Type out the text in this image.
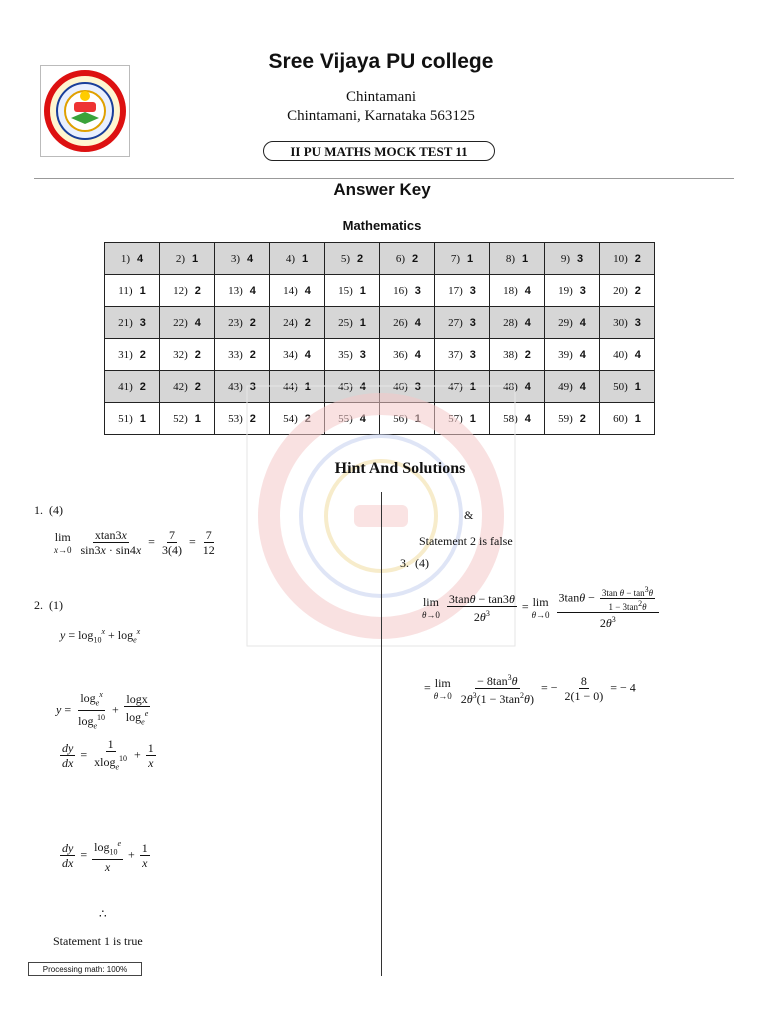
Sree Vijaya PU college
Chintamani
Chintamani, Karnataka 563125
II PU MATHS MOCK TEST 11
Answer Key
Mathematics
1) 4	2) 1	3) 4	4) 1	5) 2	6) 2	7) 1	8) 1	9) 3	10) 2
11) 1	12) 2	13) 4	14) 4	15) 1	16) 3	17) 3	18) 4	19) 3	20) 2
21) 3	22) 4	23) 2	24) 2	25) 1	26) 4	27) 3	28) 4	29) 4	30) 3
31) 2	32) 2	33) 2	34) 4	35) 3	36) 4	37) 3	38) 2	39) 4	40) 4
41) 2	42) 2	43) 3	44) 1	45) 4	46) 3	47) 1	48) 4	49) 4	50) 1
51) 1	52) 1	53) 2	54) 2	55) 4	56) 1	57) 1	58) 4	59) 2	60) 1
Hint And Solutions
1. (4)
lim
x→0
$\frac{xtan3x}{\sin 3x \cdot \sin 4x} = \frac{7}{3(4)} = \frac{7}{12}$
2. (1)
$y = \log_{10}^x + \log_e^x$
$y = \frac{\log_e^x}{\log_e^{10}} + \frac{\log x}{\log_e^e}$
$\frac{dy}{dx} = \frac{1}{xlog_e^{10}} + \frac{1}{x}$
$\frac{dy}{dx} = \frac{\log_{10}^e}{x} + \frac{1}{x}$
∴
Statement 1 is true
&
Statement 2 is false
3. (4)
lim
θ→0
$\frac{3\tan\theta - \tan 3\theta}{2\theta^3} = \lim$
θ→0
$\frac{3\tan\theta - \frac{3\tan \theta - \tan^3\theta}{1 - 3\tan^2\theta}}{2\theta^3}$
= lim
θ→0
$\frac{- 8\tan^3\theta}{2\theta^3(1 - 3\tan^2\theta)}$ = − $\frac{8}{2(1 - 0)}$ = − 4
Processing math: 100%
